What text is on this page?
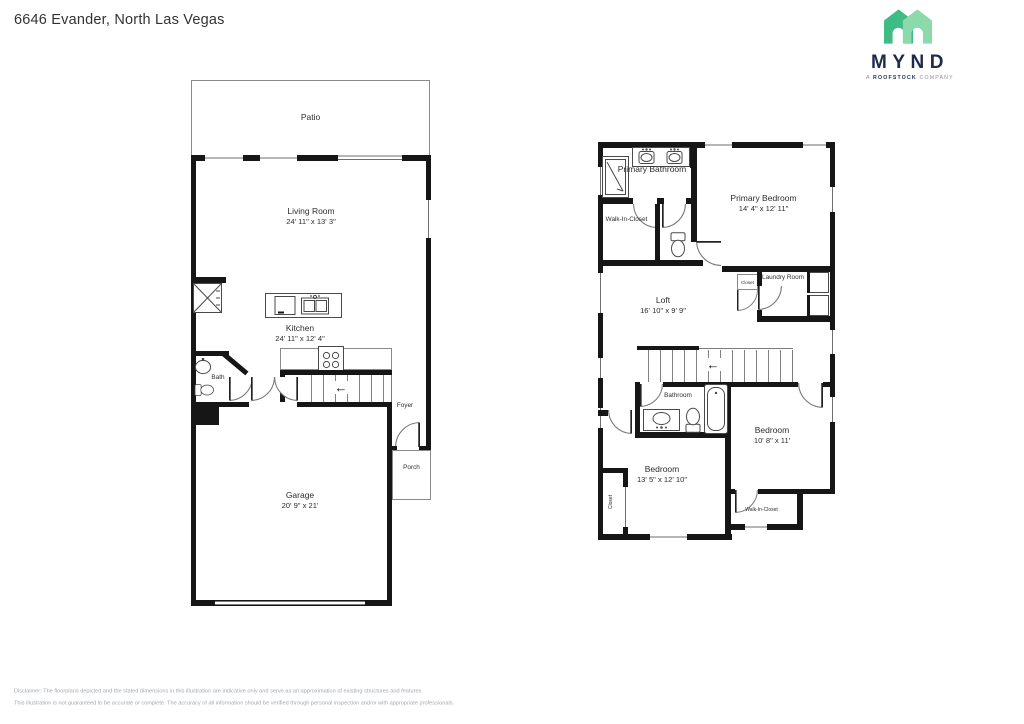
6646 Evander, North Las Vegas
MYND
A ROOFSTOCK COMPANY
Patio
Living Room
24' 11" x 13' 3"
Kitchen
24' 11" x 12' 4"
←
Bath
Garage
20' 9" x 21'
Foyer
Porch
Primary Bathroom
Primary Bedroom
14' 4" x 12' 11"
Walk-In-Closet
Loft
16' 10" x 9' 9"
Closet
Laundry Room
←
Bathroom
Bedroom
10' 8" x 11'
Walk-In-Closet
Bedroom
13' 5" x 12' 10"
Closet
Disclaimer: The floorplans depicted and the stated dimensions in this illustration are indicative only and serve as an approximation of existing structures and features.
This illustration is not guaranteed to be accurate or complete. The accuracy of all information should be verified through personal inspection and/or with appropriate professionals.
